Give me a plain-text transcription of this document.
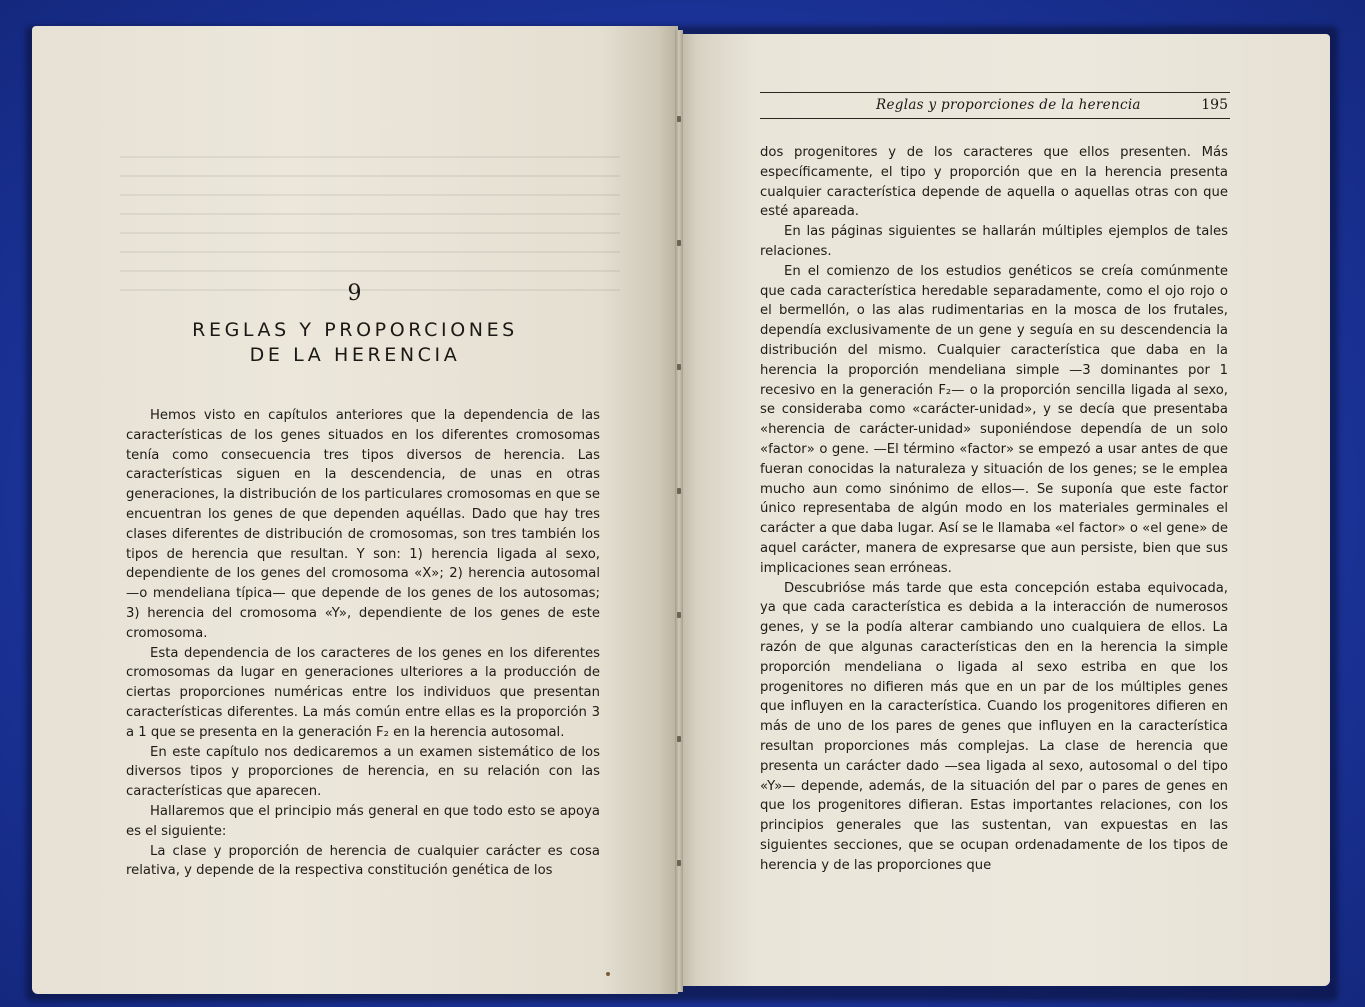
9
REGLAS Y PROPORCIONES
DE LA HERENCIA

Hemos visto en capítulos anteriores que la dependencia de las características de los genes situados en los diferentes cromosomas tenía como consecuencia tres tipos diversos de herencia. Las características siguen en la descendencia, de unas en otras generaciones, la distribución de los particulares cromosomas en que se encuentran los genes de que dependen aquéllas. Dado que hay tres clases diferentes de distribución de cromosomas, son tres también los tipos de herencia que resultan. Y son: 1) herencia ligada al sexo, dependiente de los genes del cromosoma «X»; 2) herencia autosomal —o mendeliana típica— que depende de los genes de los autosomas; 3) herencia del cromosoma «Y», dependiente de los genes de este cromosoma.

Esta dependencia de los caracteres de los genes en los diferentes cromosomas da lugar en generaciones ulteriores a la producción de ciertas proporciones numéricas entre los individuos que presentan características diferentes. La más común entre ellas es la proporción 3 a 1 que se presenta en la generación F₂ en la herencia autosomal.

En este capítulo nos dedicaremos a un examen sistemático de los diversos tipos y proporciones de herencia, en su relación con las características que aparecen.

Hallaremos que el principio más general en que todo esto se apoya es el siguiente:

La clase y proporción de herencia de cualquier carácter es cosa relativa, y depende de la respectiva constitución genética de los

Reglas y proporciones de la herencia	195

dos progenitores y de los caracteres que ellos presenten. Más específicamente, el tipo y proporción que en la herencia presenta cualquier característica depende de aquella o aquellas otras con que esté apareada.

En las páginas siguientes se hallarán múltiples ejemplos de tales relaciones.

En el comienzo de los estudios genéticos se creía comúnmente que cada característica heredable separadamente, como el ojo rojo o el bermellón, o las alas rudimentarias en la mosca de los frutales, dependía exclusivamente de un gene y seguía en su descendencia la distribución del mismo. Cualquier característica que daba en la herencia la proporción mendeliana simple —3 dominantes por 1 recesivo en la generación F₂— o la proporción sencilla ligada al sexo, se consideraba como «carácter-unidad», y se decía que presentaba «herencia de carácter-unidad» suponiéndose dependía de un solo «factor» o gene. —El término «factor» se empezó a usar antes de que fueran conocidas la naturaleza y situación de los genes; se le emplea mucho aun como sinónimo de ellos—. Se suponía que este factor único representaba de algún modo en los materiales germinales el carácter a que daba lugar. Así se le llamaba «el factor» o «el gene» de aquel carácter, manera de expresarse que aun persiste, bien que sus implicaciones sean erróneas.

Descubrióse más tarde que esta concepción estaba equivocada, ya que cada característica es debida a la interacción de numerosos genes, y se la podía alterar cambiando uno cualquiera de ellos. La razón de que algunas características den en la herencia la simple proporción mendeliana o ligada al sexo estriba en que los progenitores no difieren más que en un par de los múltiples genes que influyen en la característica. Cuando los progenitores difieren en más de uno de los pares de genes que influyen en la característica resultan proporciones más complejas. La clase de herencia que presenta un carácter dado —sea ligada al sexo, autosomal o del tipo «Y»— depende, además, de la situación del par o pares de genes en que los progenitores difieran. Estas importantes relaciones, con los principios generales que las sustentan, van expuestas en las siguientes secciones, que se ocupan ordenadamente de los tipos de herencia y de las proporciones que
